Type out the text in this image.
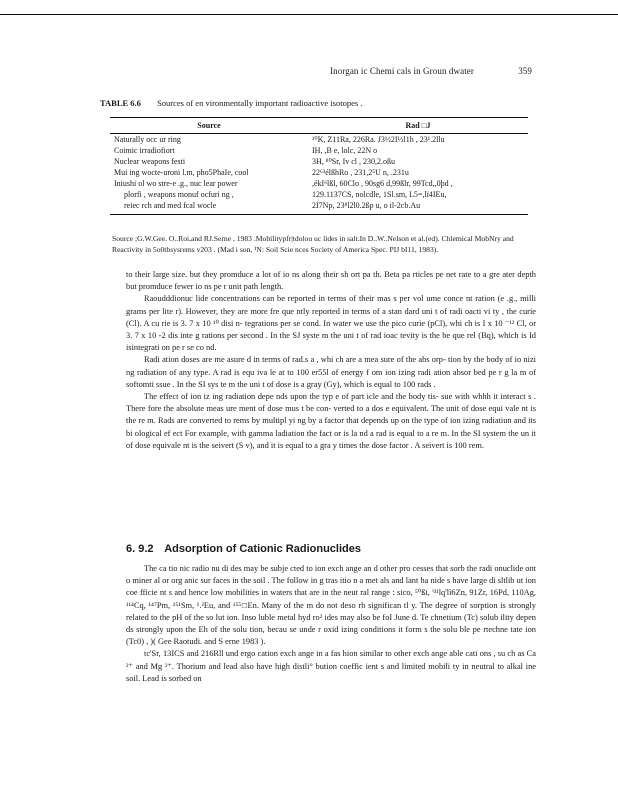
Inorgan ic Chemi cals in Groun dwater	359
TABLE 6.6 Sources of en vironmentally important radioactive isotopes .
Source	Rad □J
Naturally occ ur ring	¹⁰K, Z11Ra, 226Ra. J3½2I½l1h , 23¹.2llu
Coimic irradiofiort	IH, ,B e, lolc, 22N o
Nuclear weapons festi	3H, ⁸⁰Sr, Iv cl , 230,2.oßu
Mui ing wocte-uroni l.m, pho5PhaIe, cool	22⁶³élßhRo , 231,2⁵U n, .231u
Iniushi ol wo stre-e .g., nuc lear power	,ékI⁶lßl, 60Clo , 90sg6 d,99ßlr, 99Tcd,,0þd ,
plorfi , weapons monuf ocfuri ng ,	129.1137CS, nolcdle, 1Sl.sm, L5=,lï4IEu,
reiec rch and med fcal wocle	2I7Np, 23⁸l2l0.2ßp u, o il-2cb.Au
Source ;G.W.Gee. O..Roi,and RJ.Serne , 1983 .Mobilitypfr|tdolou uc lides in salt.In D..W..Nelson et al.(ed). Chlemical MobNry and Reactivity in 5o0tbsysrems v203 . (Mad i son, ¹N: Soil Scie nces Society of America Spec. PIJ bI11, 1983).

to their large size. but they promduce a lot of io ns along their sh ort pa th. Beta pa rticles pe net rate to a gre ater depth but promduce fewer io ns pe r unit path length.

Raoudddionuc lide concentrations can be reported in terms of their mas s per vol ume conce nt ration (e .g., milli grams per lite r). However, they are more fre que ntly reported in terms of a stan dard uni t of radi oacti vi ty , the curie (Cl). A cu rie is 3. 7 x 10 ¹⁰ disi n- tegrations per se cond. In water we use the pico curie (pCl), whi ch is I x 10 ⁻¹² Cl, or 3. 7 x 10 -2 dis inte g rations per second . In the SJ syste m the uni t of rad ioac tevity is the be que rel (Bq), which is Id isintegrati on pe r se co nd.

Radi ation doses are me asure d in terms of rad.s a , whi ch are a mea sure of the abs orp- tion by the body of io nizi ng radiation of any type. A rad is equ iva le at to 100 er55l of energy f om ion izing radi ation absor bed pe r g la m of softomti ssue . In the SI sys te m the uni t of dose is a gray (Gy), which is equal to 100 rads .

The effect of ion iz ing radiation depe nds upon the typ e of part icle and the body tis- sue with whhh it interact s . There fore the absolute meas ure ment of dose mus t be con- verted to a dos e equivalent. The unit of dose equi vale nt is the re m. Rads are converted to rems by multipl yi ng by a factor that depends up on the type of ion izing radiatiun and its bi ological ef ect For example, with gamma ladiation the fact or is la nd a rad is equal to a re m. In the SI system the un it of dose equivale nt is the seivert (S v), and it is equal to a gra y times the dose factor . A seivert is 100 rem.

6. 9.2 Adsorption of Cationic Radionuclides

The ca tio nic radio nu di des may be subje cted to ion exch ange an d other pro cesses that sorb the radi onuclide ont o miner al or org anic sur faces in the soil . The follow in g tras itio n a met als and lant ha nide s have large di sltlib ut ion coe fficie nt s and hence low mobilities in waters that are in the neut ral range : sico, ⁵⁰ßi, ⁱ³¹lq'lì6Zn, 91Zr, 16Pd, 110Ag, ¹¹⁴Cq, ¹⁴⁷Pm, ¹⁵¹Sm, ¹.²Eu, and ¹⁵⁵□En. Many of the m do not deso rb significan tl y. The degree of sorption is strongly related to the pH of the so lut ion. Inso luble metal hyd ro² ides may also be foI June d. Te chnetium (Tc) solub ility depen ds strongly upon the Eh of the solu tion, becau se unde r oxid izing conditions it form s the solu ble pe rtechne tate ion (Tc0) , )( Gee Raotudi. and S erne 1983 ).

tc'Sr, 13ICS and 216Rll und ergo cation exch ange in a fas hion similar to other exch ange able cati ons , su ch as Ca ²⁺ and Mg ²⁺. Thorium and lead also have high distli° bution coeffic ient s and limited mobili ty in neutral to alkal ine soil. Lead is sorbed on
